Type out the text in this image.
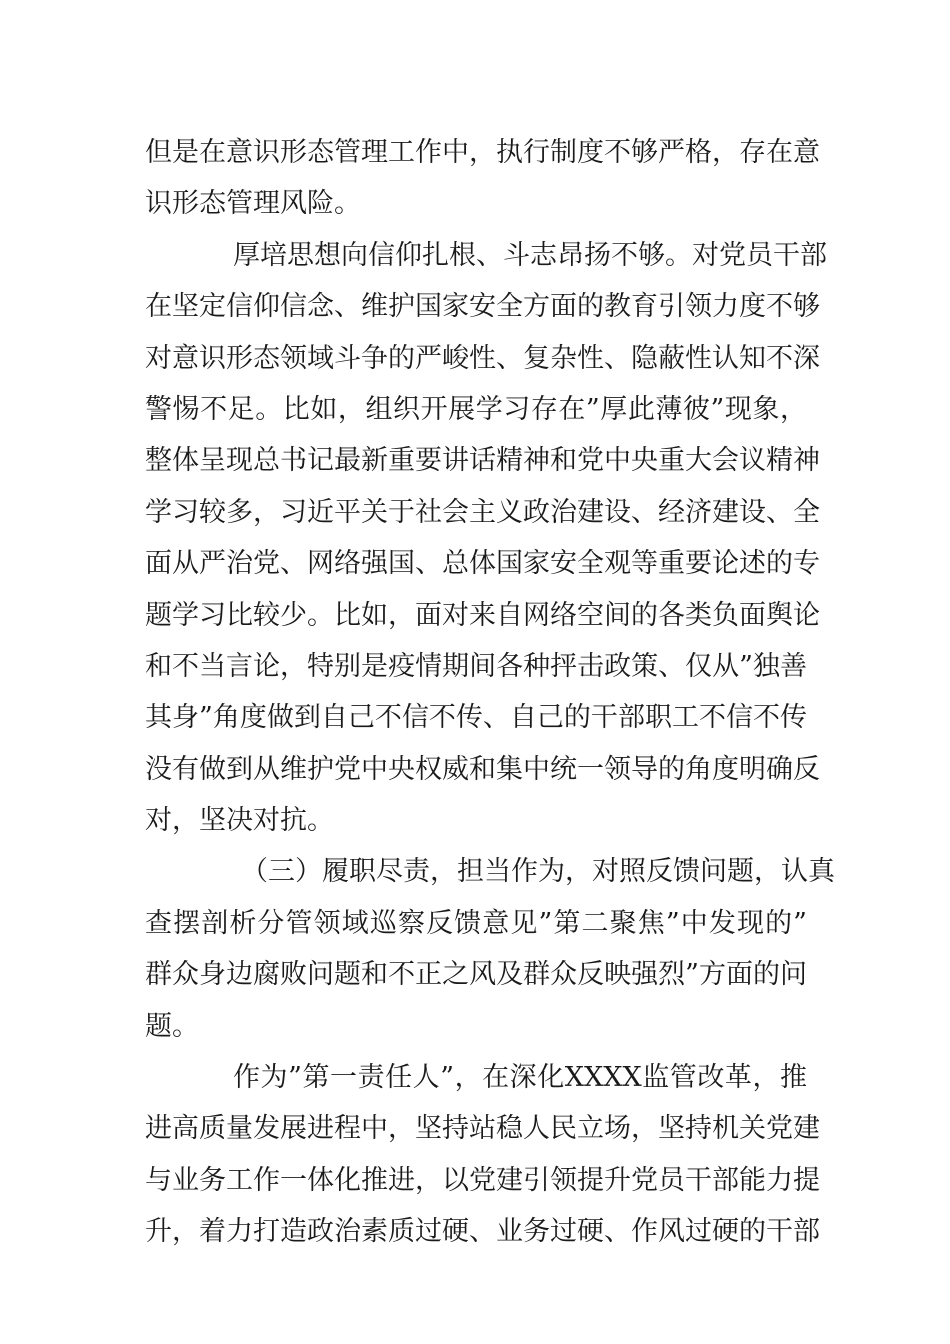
但是在意识形态管理工作中，执行制度不够严格，存在意
识形态管理风险。
厚培思想向信仰扎根、斗志昂扬不够。对党员干部
在坚定信仰信念、维护国家安全方面的教育引领力度不够
对意识形态领域斗争的严峻性、复杂性、隐蔽性认知不深
警惕不足。比如，组织开展学习存在”厚此薄彼”现象，
整体呈现总书记最新重要讲话精神和党中央重大会议精神
学习较多，习近平关于社会主义政治建设、经济建设、全
面从严治党、网络强国、总体国家安全观等重要论述的专
题学习比较少。比如，面对来自网络空间的各类负面舆论
和不当言论，特别是疫情期间各种抨击政策、仅从”独善
其身”角度做到自己不信不传、自己的干部职工不信不传
没有做到从维护党中央权威和集中统一领导的角度明确反
对，坚决对抗。
（三）履职尽责，担当作为，对照反馈问题，认真
查摆剖析分管领域巡察反馈意见”第二聚焦”中发现的”
群众身边腐败问题和不正之风及群众反映强烈”方面的问
题。
作为”第一责任人”，在深化XXXX监管改革，推
进高质量发展进程中，坚持站稳人民立场，坚持机关党建
与业务工作一体化推进，以党建引领提升党员干部能力提
升，着力打造政治素质过硬、业务过硬、作风过硬的干部
